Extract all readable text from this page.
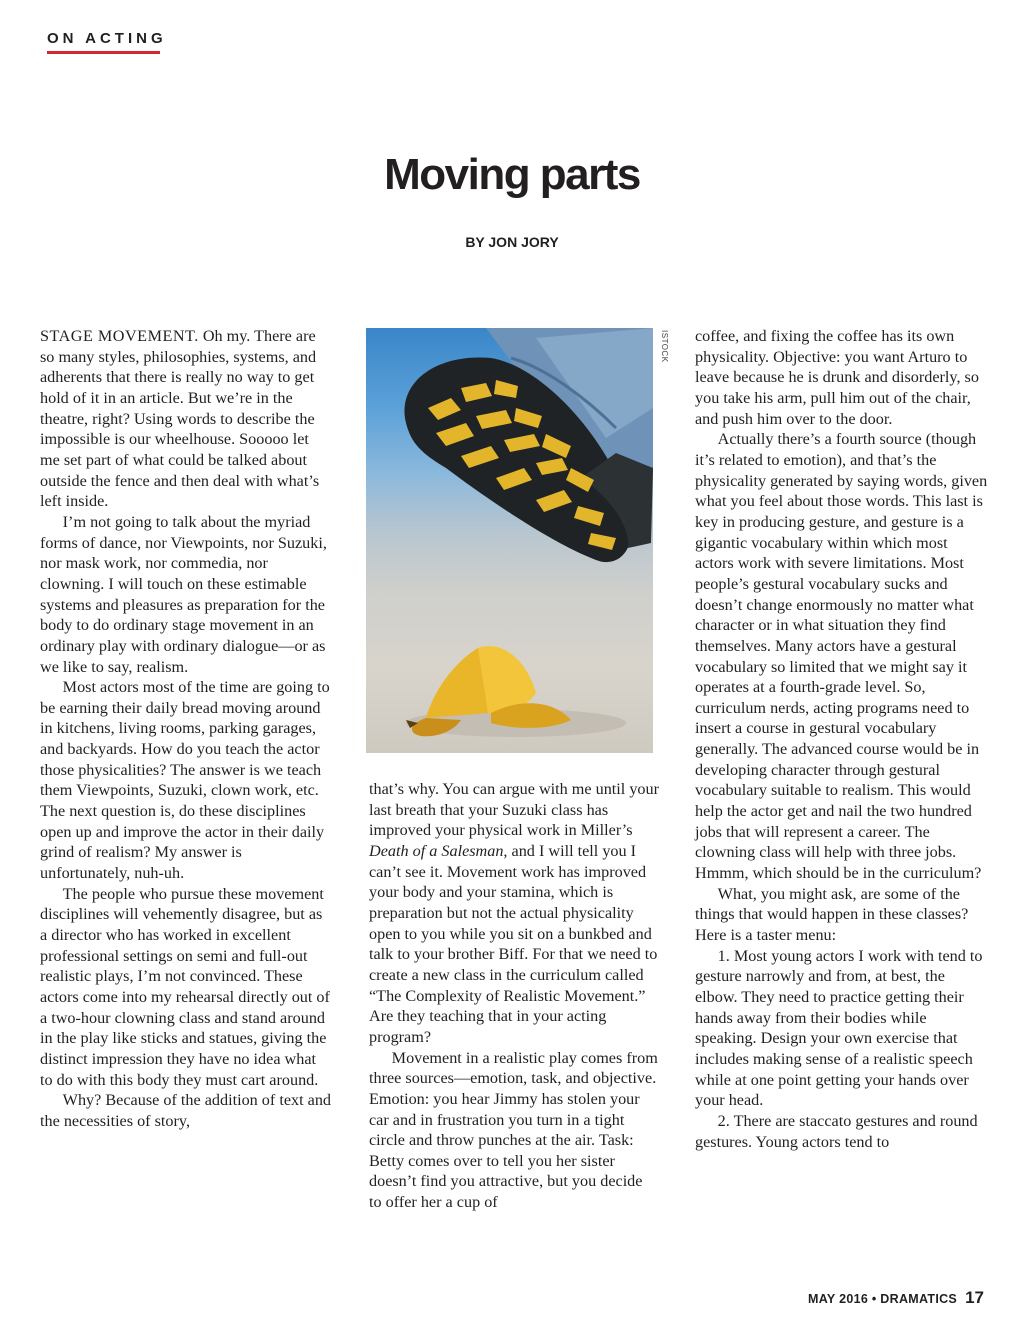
ON ACTING
Moving parts
BY JON JORY

STAGE MOVEMENT. Oh my. There are so many styles, philosophies, systems, and adherents that there is really no way to get hold of it in an article. But we’re in the theatre, right? Using words to describe the impossible is our wheelhouse. Sooooo let me set part of what could be talked about outside the fence and then deal with what’s left inside.

I’m not going to talk about the myriad forms of dance, nor Viewpoints, nor Suzuki, nor mask work, nor commedia, nor clowning. I will touch on these estimable systems and pleasures as preparation for the body to do ordinary stage movement in an ordinary play with ordinary dialogue—or as we like to say, realism.

Most actors most of the time are going to be earning their daily bread moving around in kitchens, living rooms, parking garages, and backyards. How do you teach the actor those physicalities? The answer is we teach them Viewpoints, Suzuki, clown work, etc. The next question is, do these disciplines open up and improve the actor in their daily grind of realism? My answer is unfortunately, nuh-uh.

The people who pursue these movement disciplines will vehemently disagree, but as a director who has worked in excellent professional settings on semi and full-out realistic plays, I’m not convinced. These actors come into my rehearsal directly out of a two-hour clowning class and stand around in the play like sticks and statues, giving the distinct impression they have no idea what to do with this body they must cart around.

Why? Because of the addition of text and the necessities of story,

ISTOCK

that’s why. You can argue with me until your last breath that your Suzuki class has improved your physical work in Miller’s Death of a Salesman, and I will tell you I can’t see it. Movement work has improved your body and your stamina, which is preparation but not the actual physicality open to you while you sit on a bunkbed and talk to your brother Biff. For that we need to create a new class in the curriculum called “The Complexity of Realistic Movement.” Are they teaching that in your acting program?

Movement in a realistic play comes from three sources—emotion, task, and objective. Emotion: you hear Jimmy has stolen your car and in frustration you turn in a tight circle and throw punches at the air. Task: Betty comes over to tell you her sister doesn’t find you attractive, but you decide to offer her a cup of

coffee, and fixing the coffee has its own physicality. Objective: you want Arturo to leave because he is drunk and disorderly, so you take his arm, pull him out of the chair, and push him over to the door.

Actually there’s a fourth source (though it’s related to emotion), and that’s the physicality generated by saying words, given what you feel about those words. This last is key in producing gesture, and gesture is a gigantic vocabulary within which most actors work with severe limitations. Most people’s gestural vocabulary sucks and doesn’t change enormously no matter what character or in what situation they find themselves. Many actors have a gestural vocabulary so limited that we might say it operates at a fourth-grade level. So, curriculum nerds, acting programs need to insert a course in gestural vocabulary generally. The advanced course would be in developing character through gestural vocabulary suitable to realism. This would help the actor get and nail the two hundred jobs that will represent a career. The clowning class will help with three jobs. Hmmm, which should be in the curriculum?

What, you might ask, are some of the things that would happen in these classes? Here is a taster menu:

1. Most young actors I work with tend to gesture narrowly and from, at best, the elbow. They need to practice getting their hands away from their bodies while speaking. Design your own exercise that includes making sense of a realistic speech while at one point getting your hands over your head.

2. There are staccato gestures and round gestures. Young actors tend to

MAY 2016 • DRAMATICS 17
